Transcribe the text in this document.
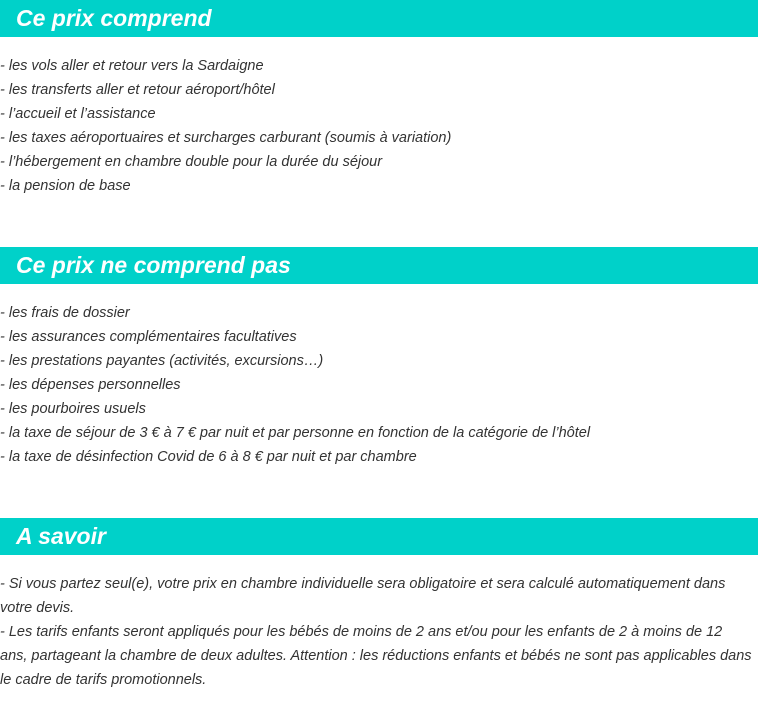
Ce prix comprend
- les vols aller et retour vers la Sardaigne
- les transferts aller et retour aéroport/hôtel
- l’accueil et l’assistance
- les taxes aéroportuaires et surcharges carburant (soumis à variation)
- l’hébergement en chambre double pour la durée du séjour
- la pension de base
Ce prix ne comprend pas
- les frais de dossier
- les assurances complémentaires facultatives
- les prestations payantes (activités, excursions…)
- les dépenses personnelles
- les pourboires usuels
- la taxe de séjour de 3 € à 7 € par nuit et par personne en fonction de la catégorie de l’hôtel
- la taxe de désinfection Covid de 6 à 8 € par nuit et par chambre
A savoir

- Si vous partez seul(e), votre prix en chambre individuelle sera obligatoire et sera calculé automatiquement dans votre devis.

- Les tarifs enfants seront appliqués pour les bébés de moins de 2 ans et/ou pour les enfants de 2 à moins de 12 ans, partageant la chambre de deux adultes. Attention : les réductions enfants et bébés ne sont pas applicables dans le cadre de tarifs promotionnels.
